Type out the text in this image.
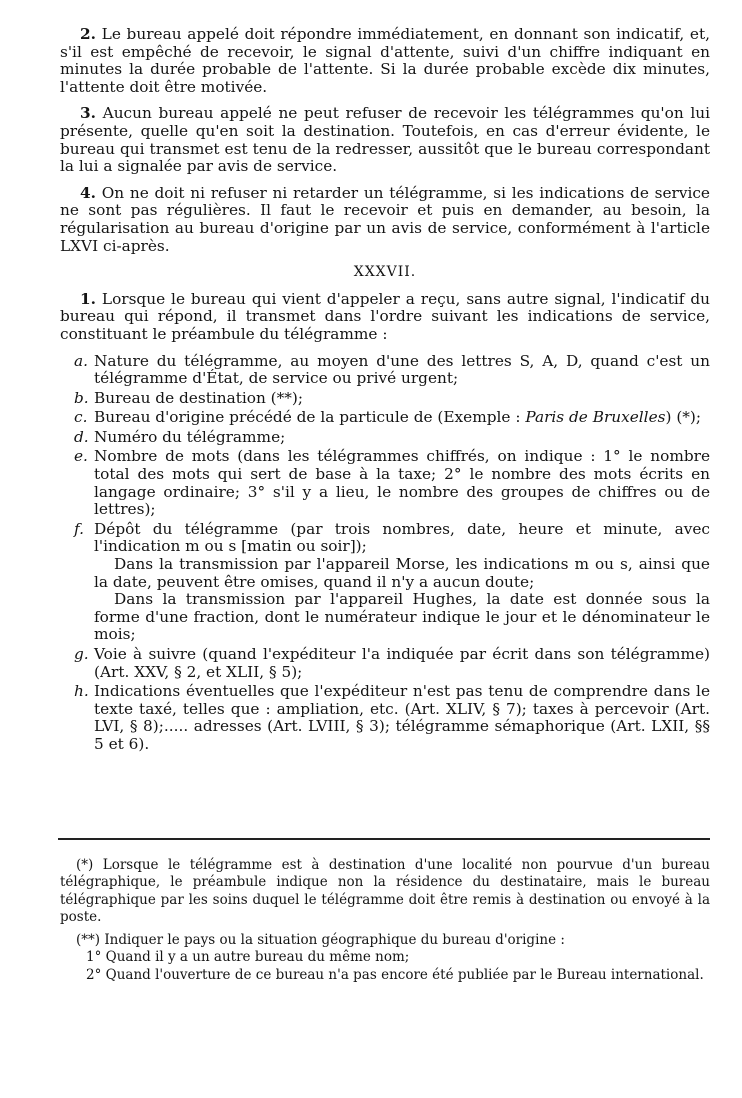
2. Le bureau appelé doit répondre immédiatement, en donnant son indicatif, et, s'il est empêché de recevoir, le signal d'attente, suivi d'un chiffre indiquant en minutes la durée probable de l'attente. Si la durée probable excède dix minutes, l'attente doit être motivée.

3. Aucun bureau appelé ne peut refuser de recevoir les télégrammes qu'on lui présente, quelle qu'en soit la destination. Toutefois, en cas d'erreur évidente, le bureau qui transmet est tenu de la redresser, aussitôt que le bureau correspondant la lui a signalée par avis de service.

4. On ne doit ni refuser ni retarder un télégramme, si les indications de service ne sont pas régulières. Il faut le recevoir et puis en demander, au besoin, la régularisation au bureau d'origine par un avis de service, conformément à l'article LXVI ci-après.

XXXVII.

1. Lorsque le bureau qui vient d'appeler a reçu, sans autre signal, l'indicatif du bureau qui répond, il transmet dans l'ordre suivant les indications de service, constituant le préambule du télégramme :

a. Nature du télégramme, au moyen d'une des lettres S, A, D, quand c'est un télégramme d'État, de service ou privé urgent;
b. Bureau de destination (**);
c. Bureau d'origine précédé de la particule de (Exemple : Paris de Bruxelles) (*);
d. Numéro du télégramme;
e. Nombre de mots (dans les télégrammes chiffrés, on indique : 1° le nombre total des mots qui sert de base à la taxe; 2° le nombre des mots écrits en langage ordinaire; 3° s'il y a lieu, le nombre des groupes de chiffres ou de lettres);
f. Dépôt du télégramme (par trois nombres, date, heure et minute, avec l'indication m ou s [matin ou soir]);
Dans la transmission par l'appareil Morse, les indications m ou s, ainsi que la date, peuvent être omises, quand il n'y a aucun doute;
Dans la transmission par l'appareil Hughes, la date est donnée sous la forme d'une fraction, dont le numérateur indique le jour et le dénominateur le mois;
g. Voie à suivre (quand l'expéditeur l'a indiquée par écrit dans son télégramme) (Art. XXV, § 2, et XLII, § 5);
h. Indications éventuelles que l'expéditeur n'est pas tenu de comprendre dans le texte taxé, telles que : ampliation, etc. (Art. XLIV, § 7); taxes à percevoir (Art. LVI, § 8);..... adresses (Art. LVIII, § 3); télégramme sémaphorique (Art. LXII, §§ 5 et 6).

(*) Lorsque le télégramme est à destination d'une localité non pourvue d'un bureau télégraphique, le préambule indique non la résidence du destinataire, mais le bureau télégraphique par les soins duquel le télégramme doit être remis à destination ou envoyé à la poste.

(**) Indiquer le pays ou la situation géographique du bureau d'origine :

1° Quand il y a un autre bureau du même nom;
2° Quand l'ouverture de ce bureau n'a pas encore été publiée par le Bureau international.
